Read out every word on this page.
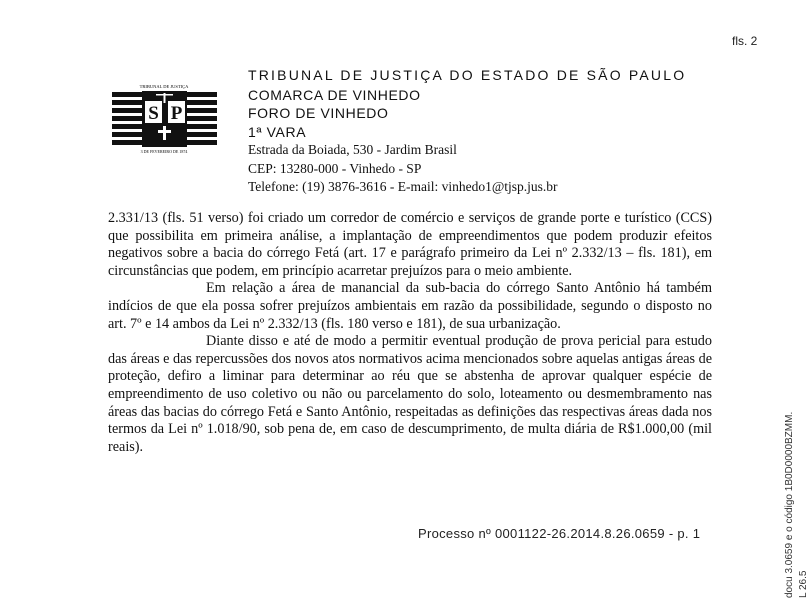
fls. 2
TRIBUNAL DE JUSTIÇA
S P
3 DE FEVEREIRO DE 1874
TRIBUNAL DE JUSTIÇA DO ESTADO DE SÃO PAULO
COMARCA DE VINHEDO
FORO DE VINHEDO
1ª VARA
Estrada da Boiada, 530 - Jardim Brasil
CEP: 13280-000 - Vinhedo - SP
Telefone: (19) 3876-3616 - E-mail: vinhedo1@tjsp.jus.br

2.331/13 (fls. 51 verso) foi criado um corredor de comércio e serviços de grande porte e turístico (CCS) que possibilita em primeira análise, a implantação de empreendimentos que podem produzir efeitos negativos sobre a bacia do córrego Fetá (art. 17 e parágrafo primeiro da Lei nº 2.332/13 – fls. 181), em circunstâncias que podem, em princípio acarretar prejuízos para o meio ambiente.

Em relação a área de manancial da sub-bacia do córrego Santo Antônio há também indícios de que ela possa sofrer prejuízos ambientais em razão da possibilidade, segundo o disposto no art. 7º e 14 ambos da Lei nº 2.332/13 (fls. 180 verso e 181), de sua urbanização.

Diante disso e até de modo a permitir eventual produção de prova pericial para estudo das áreas e das repercussões dos novos atos normativos acima mencionados sobre aquelas antigas áreas de proteção, defiro a liminar para determinar ao réu que se abstenha de aprovar qualquer espécie de empreendimento de uso coletivo ou não ou parcelamento do solo, loteamento ou desmembramento nas áreas das bacias do córrego Fetá e Santo Antônio, respeitadas as definições das respectivas áreas dada nos termos da Lei nº 1.018/90, sob pena de, em caso de descumprimento, de multa diária de R$1.000,00 (mil reais).

Processo nº 0001122-26.2014.8.26.0659 - p. 1	docu 3.0659 e o código 1B0D0000BZMM. L 26.5
